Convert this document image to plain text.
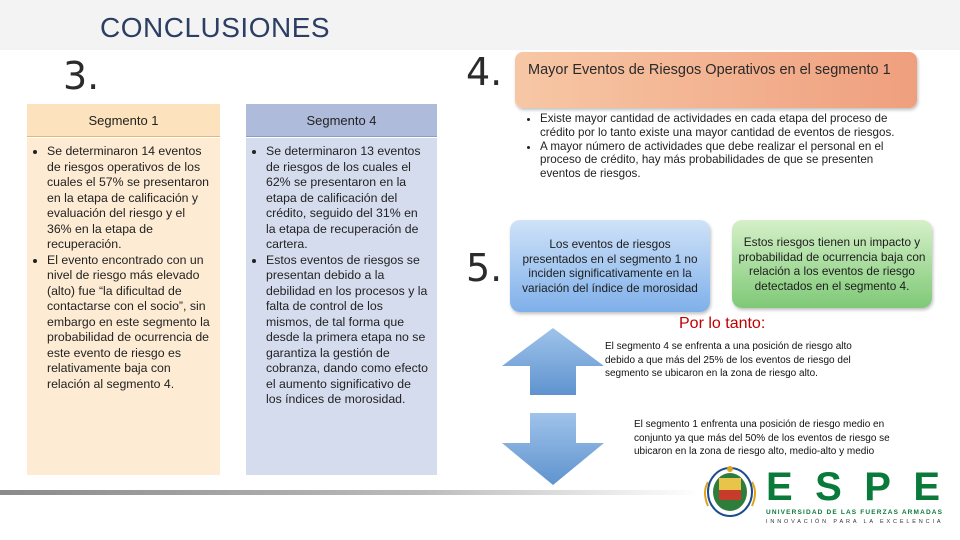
CONCLUSIONES
3.
Segmento 1
• Se determinaron 14 eventos de riesgos operativos de los cuales el 57% se presentaron en la etapa de calificación y evaluación del riesgo y el 36% en la etapa de recuperación.
• El evento encontrado con un nivel de riesgo más elevado (alto) fue “la dificultad de contactarse con el socio”, sin embargo en este segmento la probabilidad de ocurrencia de este evento de riesgo es relativamente baja con relación al segmento 4.
Segmento 4
• Se determinaron 13 eventos de riesgos de los cuales el 62% se presentaron en la etapa de calificación del crédito, seguido del 31% en la etapa de recuperación de cartera.
• Estos eventos de riesgos se presentan debido a la debilidad en los procesos y la falta de control de los mismos, de tal forma que desde la primera etapa no se garantiza la gestión de cobranza, dando como efecto el aumento significativo de los índices de morosidad.
4. Mayor Eventos de Riesgos Operativos en el segmento 1
• Existe mayor cantidad de actividades en cada etapa del proceso de crédito por lo tanto existe una mayor cantidad de eventos de riesgos.
• A mayor número de actividades que debe realizar el personal en el proceso de crédito, hay más probabilidades de que se presenten eventos de riesgos.
5.
Los eventos de riesgos presentados en el segmento 1 no inciden significativamente en la variación del índice de morosidad
Estos riesgos tienen un impacto y probabilidad de ocurrencia baja con relación a los eventos de riesgo detectados en el segmento 4.
Por lo tanto:
El segmento 4 se enfrenta a una posición de riesgo alto debido a que más del 25% de los eventos de riesgo del segmento se ubicaron en la zona de riesgo alto.
El segmento 1 enfrenta una posición de riesgo medio en conjunto ya que más del 50% de los eventos de riesgo se ubicaron en la zona de riesgo alto, medio-alto y medio
ESPE
UNIVERSIDAD DE LAS FUERZAS ARMADAS
INNOVACIÓN PARA LA EXCELENCIA
